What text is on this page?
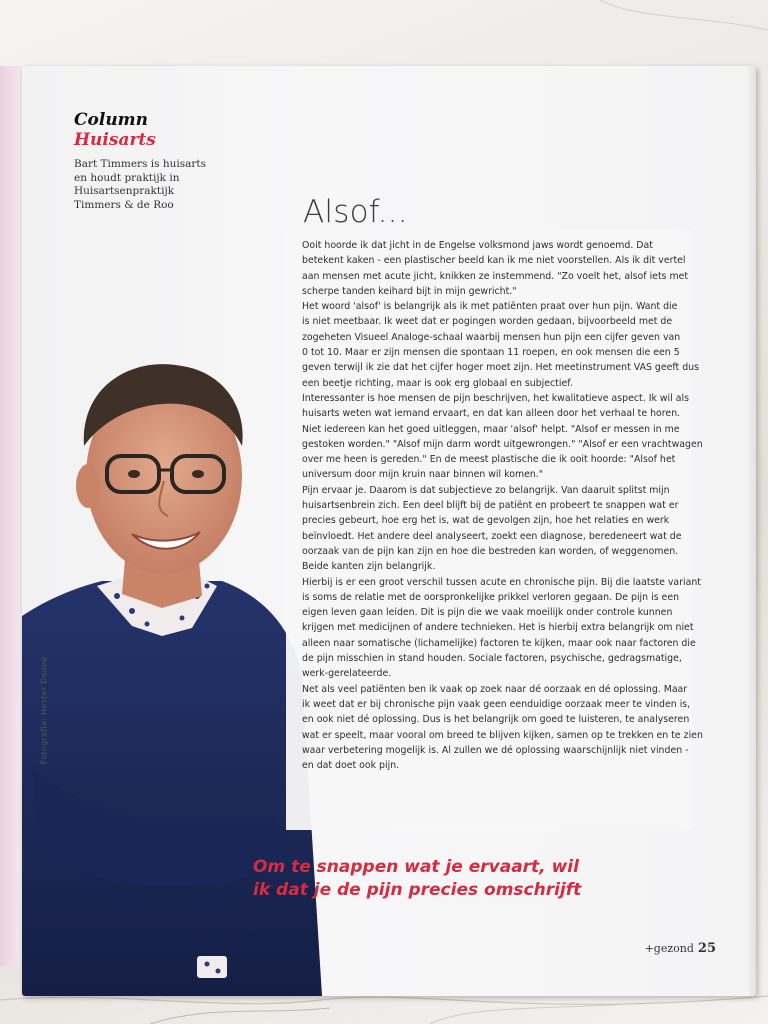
Column
Huisarts
Bart Timmers is huisarts
en houdt praktijk in
Huisartsenpraktijk
Timmers & de Roo
Fotografie: Hester Doove
Alsof...
Ooit hoorde ik dat jicht in de Engelse volksmond jaws wordt genoemd. Dat
betekent kaken - een plastischer beeld kan ik me niet voorstellen. Als ik dit vertel
aan mensen met acute jicht, knikken ze instemmend. "Zo voelt het, alsof iets met
scherpe tanden keihard bijt in mijn gewricht."
Het woord 'alsof' is belangrijk als ik met patiënten praat over hun pijn. Want die
is niet meetbaar. Ik weet dat er pogingen worden gedaan, bijvoorbeeld met de
zogeheten Visueel Analoge-schaal waarbij mensen hun pijn een cijfer geven van
0 tot 10. Maar er zijn mensen die spontaan 11 roepen, en ook mensen die een 5
geven terwijl ik zie dat het cijfer hoger moet zijn. Het meetinstrument VAS geeft dus
een beetje richting, maar is ook erg globaal en subjectief.
Interessanter is hoe mensen de pijn beschrijven, het kwalitatieve aspect. Ik wil als
huisarts weten wat iemand ervaart, en dat kan alleen door het verhaal te horen.
Niet iedereen kan het goed uitleggen, maar 'alsof' helpt. "Alsof er messen in me
gestoken worden." "Alsof mijn darm wordt uitgewrongen." "Alsof er een vrachtwagen
over me heen is gereden." En de meest plastische die ik ooit hoorde: "Alsof het
universum door mijn kruin naar binnen wil komen."
Pijn ervaar je. Daarom is dat subjectieve zo belangrijk. Van daaruit splitst mijn
huisartsenbrein zich. Een deel blijft bij de patiënt en probeert te snappen wat er
precies gebeurt, hoe erg het is, wat de gevolgen zijn, hoe het relaties en werk
beïnvloedt. Het andere deel analyseert, zoekt een diagnose, beredeneert wat de
oorzaak van de pijn kan zijn en hoe die bestreden kan worden, of weggenomen.
Beide kanten zijn belangrijk.
Hierbij is er een groot verschil tussen acute en chronische pijn. Bij die laatste variant
is soms de relatie met de oorspronkelijke prikkel verloren gegaan. De pijn is een
eigen leven gaan leiden. Dit is pijn die we vaak moeilijk onder controle kunnen
krijgen met medicijnen of andere technieken. Het is hierbij extra belangrijk om niet
alleen naar somatische (lichamelijke) factoren te kijken, maar ook naar factoren die
de pijn misschien in stand houden. Sociale factoren, psychische, gedragsmatige,
werk-gerelateerde.
Net als veel patiënten ben ik vaak op zoek naar dé oorzaak en dé oplossing. Maar
ik weet dat er bij chronische pijn vaak geen eenduidige oorzaak meer te vinden is,
en ook niet dé oplossing. Dus is het belangrijk om goed te luisteren, te analyseren
wat er speelt, maar vooral om breed te blijven kijken, samen op te trekken en te zien
waar verbetering mogelijk is. Al zullen we dé oplossing waarschijnlijk niet vinden -
en dat doet ook pijn.
Om te snappen wat je ervaart, wil
ik dat je de pijn precies omschrijft
+gezond 25
